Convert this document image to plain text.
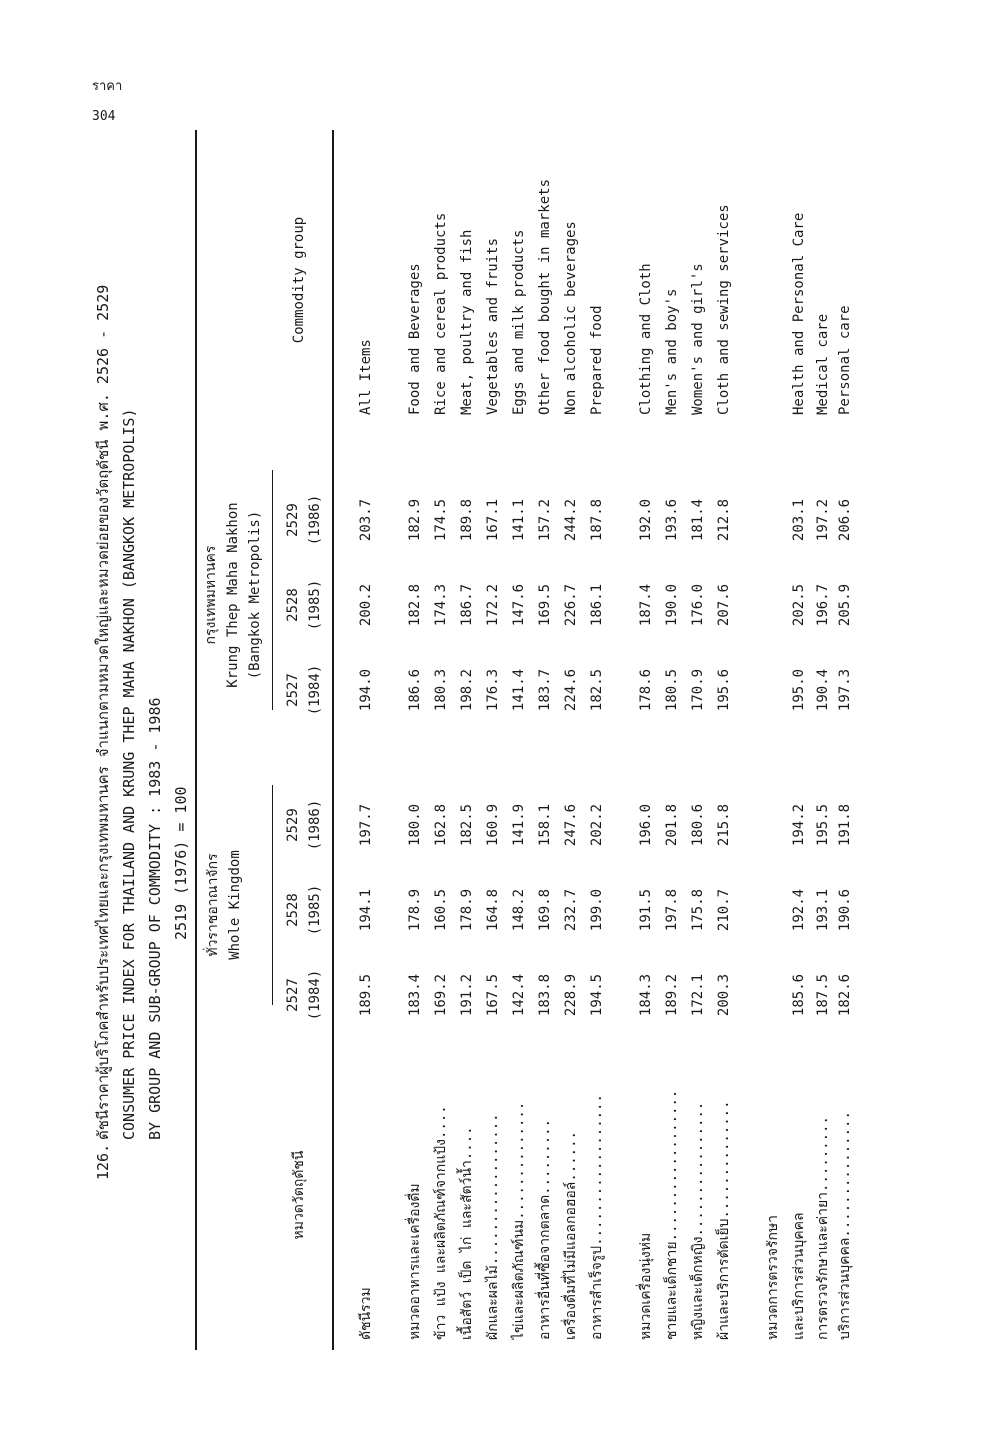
ราคา
304
126.ดัชนีราคาผู้บริโภคสำหรับประเทศไทยและกรุงเทพมหานคร จำแนกตามหมวดใหญ่และหมวดย่อยของวัตถุดัชนี พ.ศ. 2526 - 2529 CONSUMER PRICE INDEX FOR THAILAND AND KRUNG THEP MAHA NAKHON (BANGKOK METROPOLIS) BY GROUP AND SUB-GROUP OF COMMODITY : 1983 - 1986 2519 (1976) = 100
หมวดวัตถุดัชนี
Commodity group
ทั่วราชอาณาจักร Whole Kingdom
กรุงเทพมหานคร Krung Thep Maha Nakhon (Bangkok Metropolis)
2527 (1984)
2528 (1985)
2529 (1986)
2527 (1984)
2528 (1985)
2529 (1986)
ดัชนีรวม
189.5
194.1
197.7
194.0
200.2
203.7
All Items
หมวดอาหารและเครื่องดื่ม
183.4
178.9
180.0
186.6
182.8
182.9
Food and Beverages
ข้าว แป้ง และผลิตภัณฑ์จากแป้ง....
169.2
160.5
162.8
180.3
174.3
174.5
Rice and cereal products
เนื้อสัตว์ เป็ด ไก่ และสัตว์น้ำ....
191.2
178.9
182.5
198.2
186.7
189.8
Meat, poultry and fish
ผักและผลไม้..................
167.5
164.8
160.9
176.3
172.2
167.1
Vegetables and fruits
ไข่และผลิตภัณฑ์นม..............
142.4
148.2
141.9
141.4
147.6
141.1
Eggs and milk products
อาหารอื่นที่ซื้อจากตลาด.........
183.8
169.8
158.1
183.7
169.5
157.2
Other food bought in markets
เครื่องดื่มที่ไม่มีแอลกอฮอล์......
228.9
232.7
247.6
224.6
226.7
244.2
Non alcoholic beverages
อาหารสำเร็จรูป..................
194.5
199.0
202.2
182.5
186.1
187.8
Prepared food
หมวดเครื่องนุ่งห่ม
184.3
191.5
196.0
178.6
187.4
192.0
Clothing and Cloth
ชายและเด็กชาย..................
189.2
197.8
201.8
180.5
190.0
193.6
Men's and boy's
หญิงและเด็กหญิง................
172.1
175.8
180.6
170.9
176.0
181.4
Women's and girl's
ผ้าและบริการตัดเย็บ..............
200.3
210.7
215.8
195.6
207.6
212.8
Cloth and sewing services
หมวดการตรวจรักษา และบริการส่วนบุคคล
185.6
192.4
194.2
195.0
202.5
203.1
Health and Personal Care
การตรวจรักษาและค่ายา.........
187.5
193.1
195.5
190.4
196.7
197.2
Medical care
บริการส่วนบุคคล...............
182.6
190.6
191.8
197.3
205.9
206.6
Personal care
